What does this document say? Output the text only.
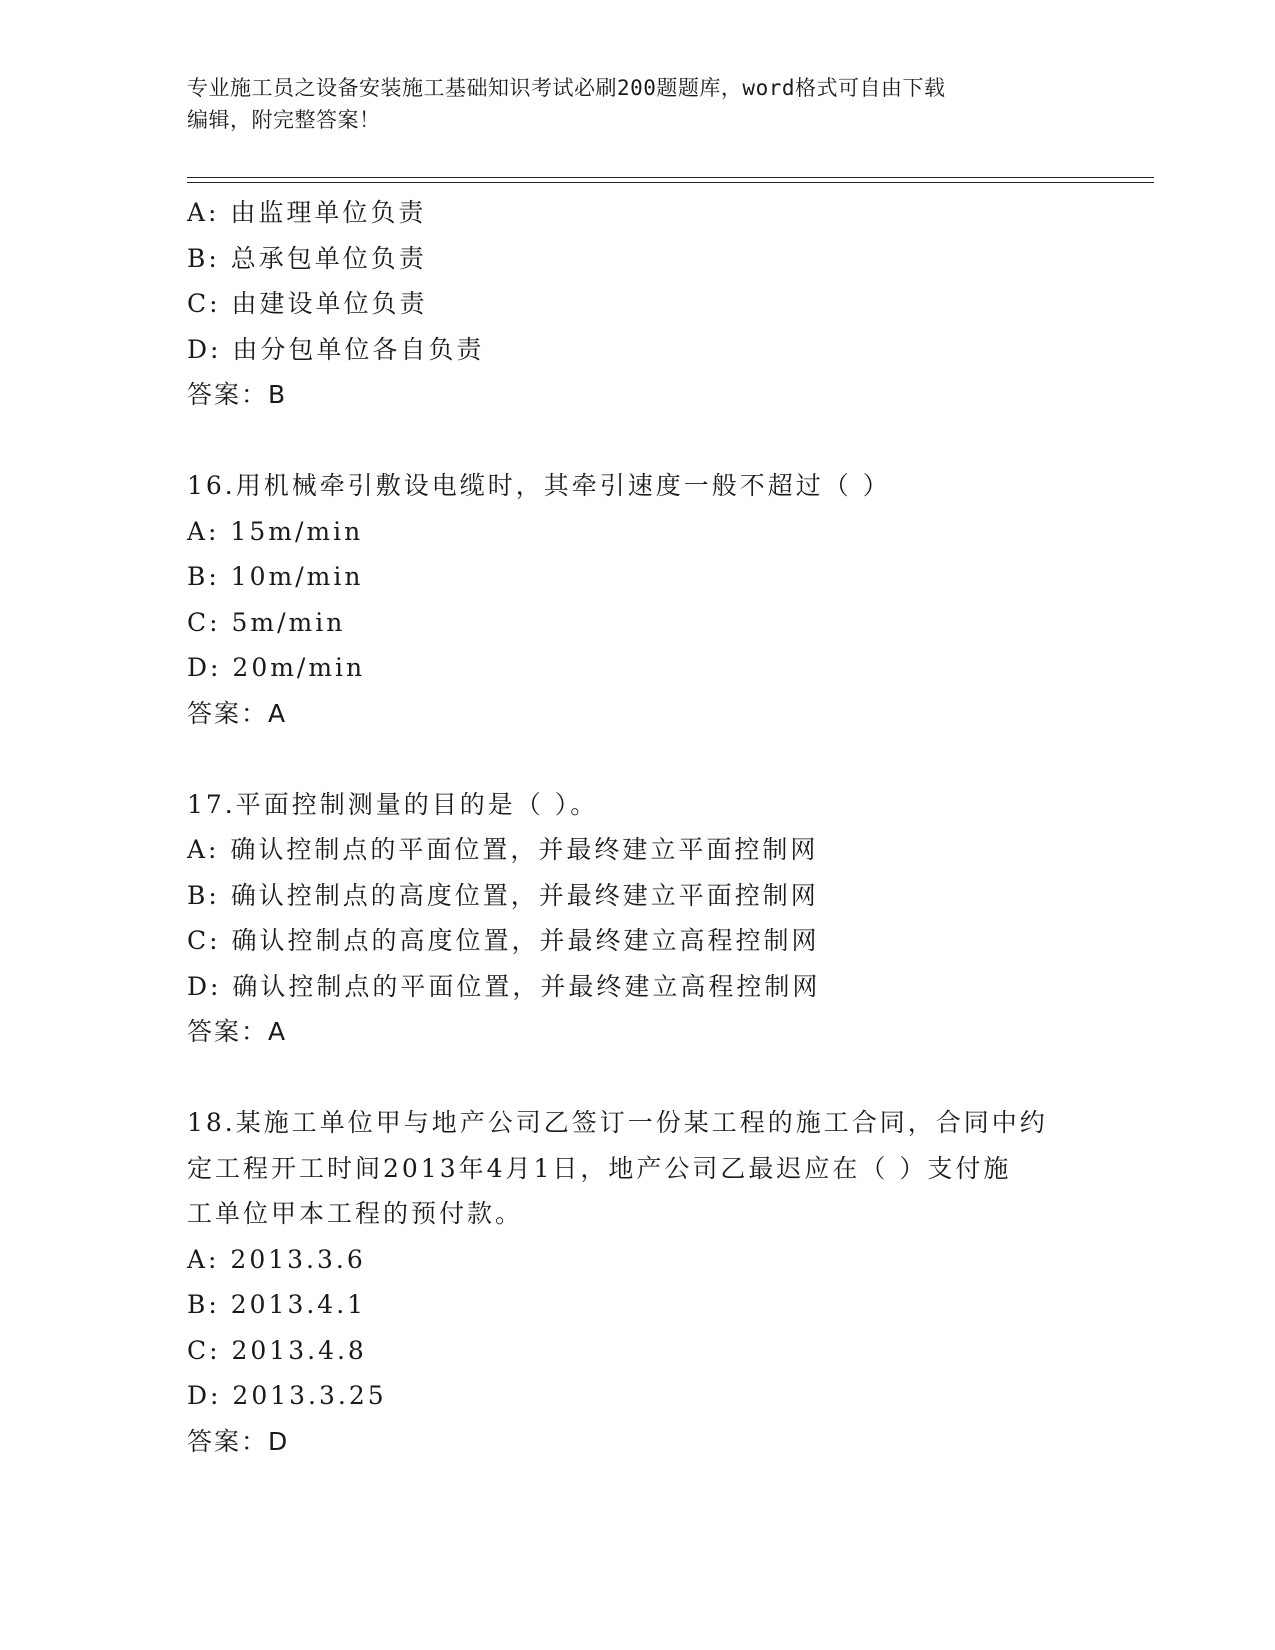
专业施工员之设备安装施工基础知识考试必刷200题题库，word格式可自由下载
编辑，附完整答案！
A: 由监理单位负责
B: 总承包单位负责
C: 由建设单位负责
D: 由分包单位各自负责
答案：B
16.用机械牵引敷设电缆时，其牵引速度一般不超过（ ）
A: 15m/min
B: 10m/min
C: 5m/min
D: 20m/min
答案：A
17.平面控制测量的目的是（ ）。
A: 确认控制点的平面位置，并最终建立平面控制网
B: 确认控制点的高度位置，并最终建立平面控制网
C: 确认控制点的高度位置，并最终建立高程控制网
D: 确认控制点的平面位置，并最终建立高程控制网
答案：A
18.某施工单位甲与地产公司乙签订一份某工程的施工合同，合同中约
定工程开工时间2013年4月1日，地产公司乙最迟应在（ ）支付施
工单位甲本工程的预付款。
A: 2013.3.6
B: 2013.4.1
C: 2013.4.8
D: 2013.3.25
答案：D
